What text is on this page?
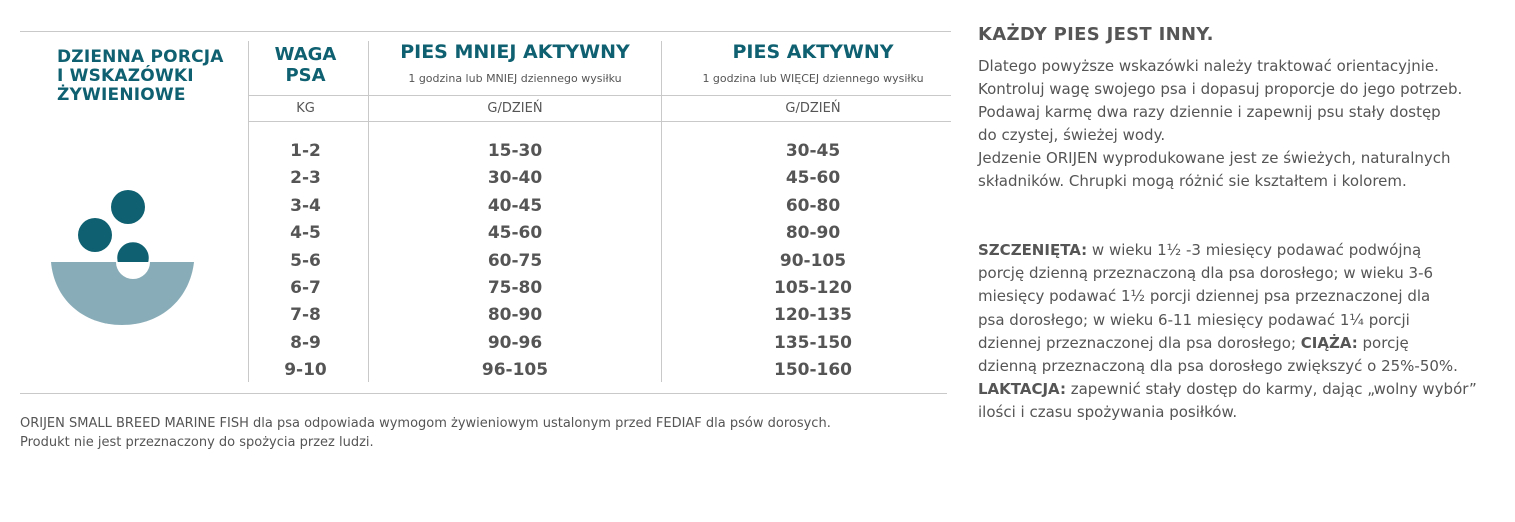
DZIENNA PORCJA
I WSKAZÓWKI
ŻYWIENIOWE
WAGA
PSA
PIES MNIEJ AKTYWNY
1 godzina lub MNIEJ dziennego wysiłku
PIES AKTYWNY
1 godzina lub WIĘCEJ dziennego wysiłku
KG	G/DZIEŃ	G/DZIEŃ
1-2
2-3
3-4
4-5
5-6
6-7
7-8
8-9
9-10
15-30
30-40
40-45
45-60
60-75
75-80
80-90
90-96
96-105
30-45
45-60
60-80
80-90
90-105
105-120
120-135
135-150
150-160
ORIJEN SMALL BREED MARINE FISH dla psa odpowiada wymogom żywieniowym ustalonym przed FEDIAF dla psów dorosych.
Produkt nie jest przeznaczony do spożycia przez ludzi.
KAŻDY PIES JEST INNY.

Dlatego powyższe wskazówki należy traktować orientacyjnie.

Kontroluj wagę swojego psa i dopasuj proporcje do jego potrzeb.

Podawaj karmę dwa razy dziennie i zapewnij psu stały dostęp

do czystej, świeżej wody.

Jedzenie ORIJEN wyprodukowane jest ze świeżych, naturalnych

składników. Chrupki mogą różnić sie kształtem i kolorem.

SZCZENIĘTA: w wieku 1½ -3 miesięcy podawać podwójną

porcję dzienną przeznaczoną dla psa dorosłego; w wieku 3-6

miesięcy podawać 1½ porcji dziennej psa przeznaczonej dla

psa dorosłego; w wieku 6-11 miesięcy podawać 1¼ porcji

dziennej przeznaczonej dla psa dorosłego; CIĄŻA: porcję

dzienną przeznaczoną dla psa dorosłego zwiększyć o 25%-50%.

LAKTACJA: zapewnić stały dostęp do karmy, dając „wolny wybór”

ilości i czasu spożywania posiłków.
